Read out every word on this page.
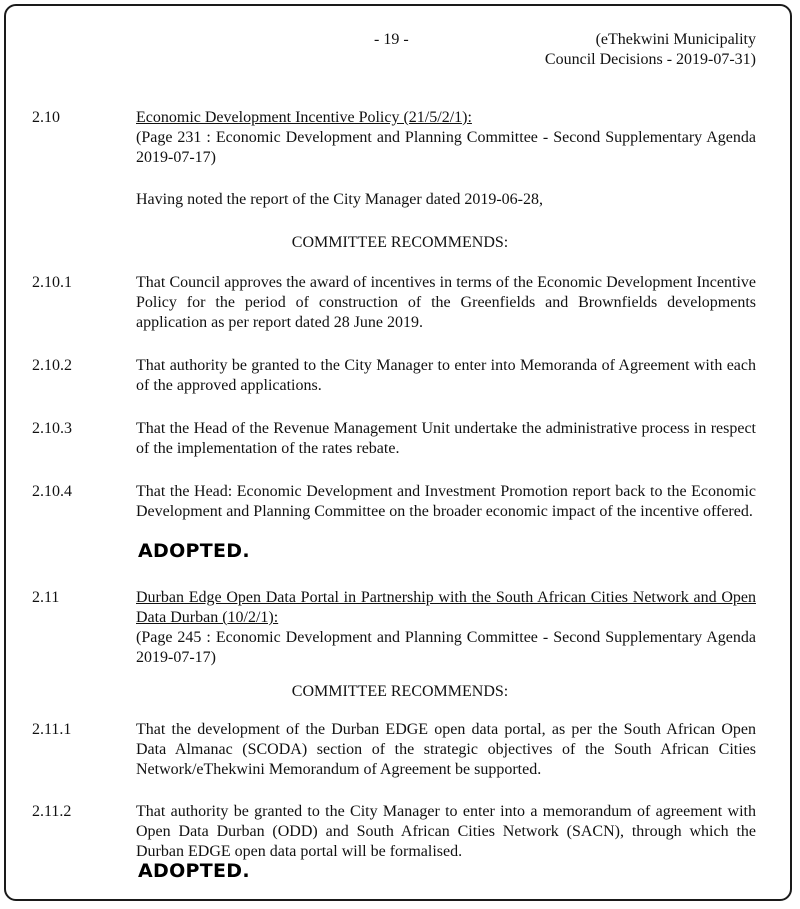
- 19 -	(eThekwini Municipality
Council Decisions - 2019-07-31)
2.10	Economic Development Incentive Policy (21/5/2/1):
(Page 231 : Economic Development and Planning Committee - Second Supplementary Agenda 2019-07-17)
Having noted the report of the City Manager dated 2019-06-28,
COMMITTEE RECOMMENDS:
2.10.1	That Council approves the award of incentives in terms of the Economic Development Incentive Policy for the period of construction of the Greenfields and Brownfields developments application as per report dated 28 June 2019.
2.10.2	That authority be granted to the City Manager to enter into Memoranda of Agreement with each of the approved applications.
2.10.3	That the Head of the Revenue Management Unit undertake the administrative process in respect of the implementation of the rates rebate.
2.10.4	That the Head: Economic Development and Investment Promotion report back to the Economic Development and Planning Committee on the broader economic impact of the incentive offered.
ADOPTED.
2.11	Durban Edge Open Data Portal in Partnership with the South African Cities Network and Open Data Durban (10/2/1):
(Page 245 : Economic Development and Planning Committee - Second Supplementary Agenda 2019-07-17)
COMMITTEE RECOMMENDS:
2.11.1	That the development of the Durban EDGE open data portal, as per the South African Open Data Almanac (SCODA) section of the strategic objectives of the South African Cities Network/eThekwini Memorandum of Agreement be supported.
2.11.2	That authority be granted to the City Manager to enter into a memorandum of agreement with Open Data Durban (ODD) and South African Cities Network (SACN), through which the Durban EDGE open data portal will be formalised.
ADOPTED.
